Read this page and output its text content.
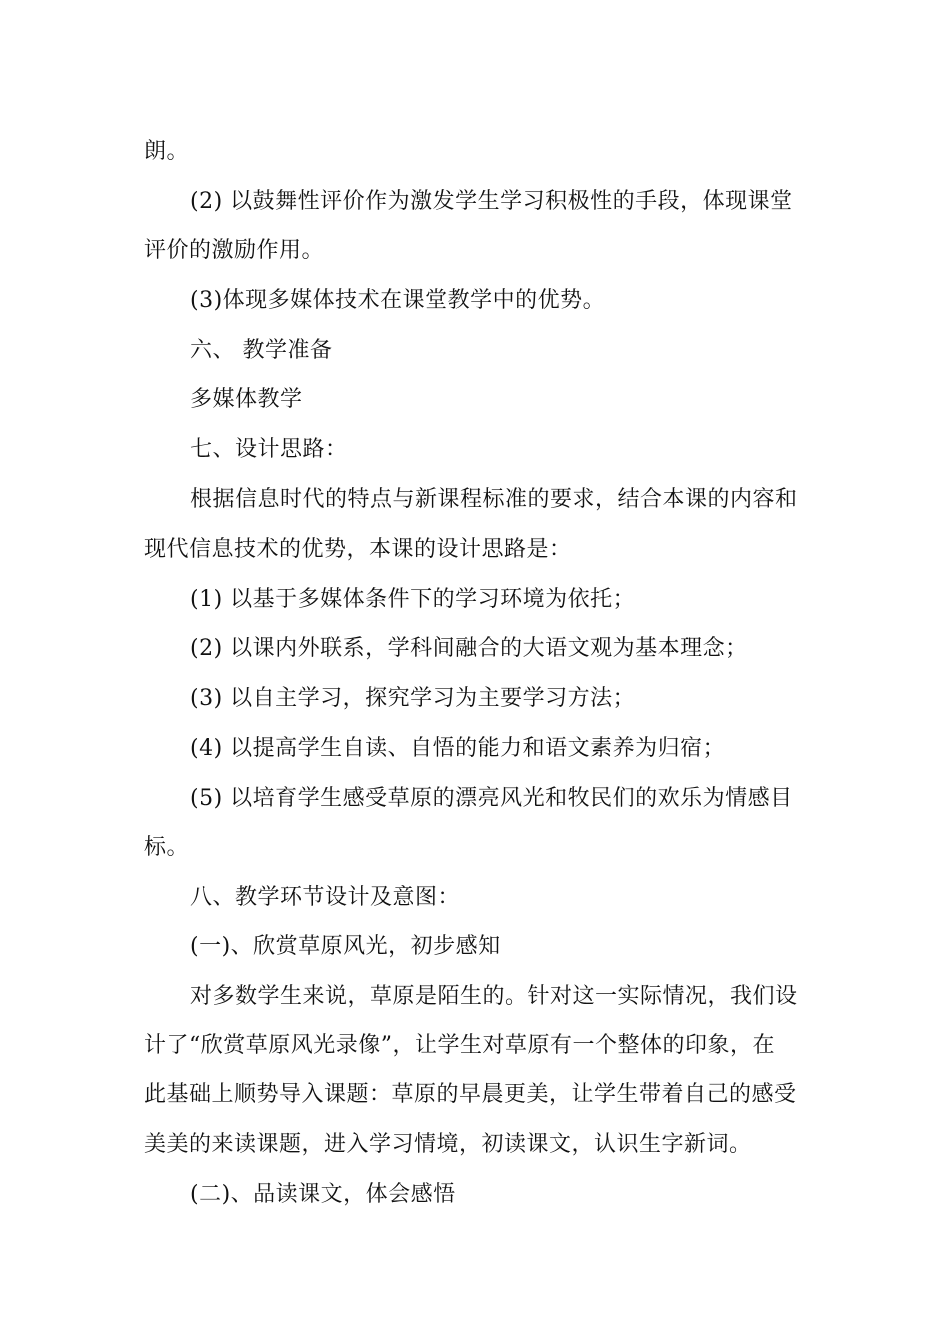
朗。
(2) 以鼓舞性评价作为激发学生学习积极性的手段，体现课堂
评价的激励作用。
(3)体现多媒体技术在课堂教学中的优势。
六、 教学准备
多媒体教学
七、设计思路：
根据信息时代的特点与新课程标准的要求，结合本课的内容和
现代信息技术的优势，本课的设计思路是：
(1) 以基于多媒体条件下的学习环境为依托；
(2) 以课内外联系，学科间融合的大语文观为基本理念；
(3) 以自主学习，探究学习为主要学习方法；
(4) 以提高学生自读、自悟的能力和语文素养为归宿；
(5) 以培育学生感受草原的漂亮风光和牧民们的欢乐为情感目
标。
八、教学环节设计及意图：
(一)、欣赏草原风光，初步感知
对多数学生来说，草原是陌生的。针对这一实际情况，我们设
计了“欣赏草原风光录像”，让学生对草原有一个整体的印象，在
此基础上顺势导入课题：草原的早晨更美，让学生带着自己的感受
美美的来读课题，进入学习情境，初读课文，认识生字新词。
(二)、品读课文，体会感悟
